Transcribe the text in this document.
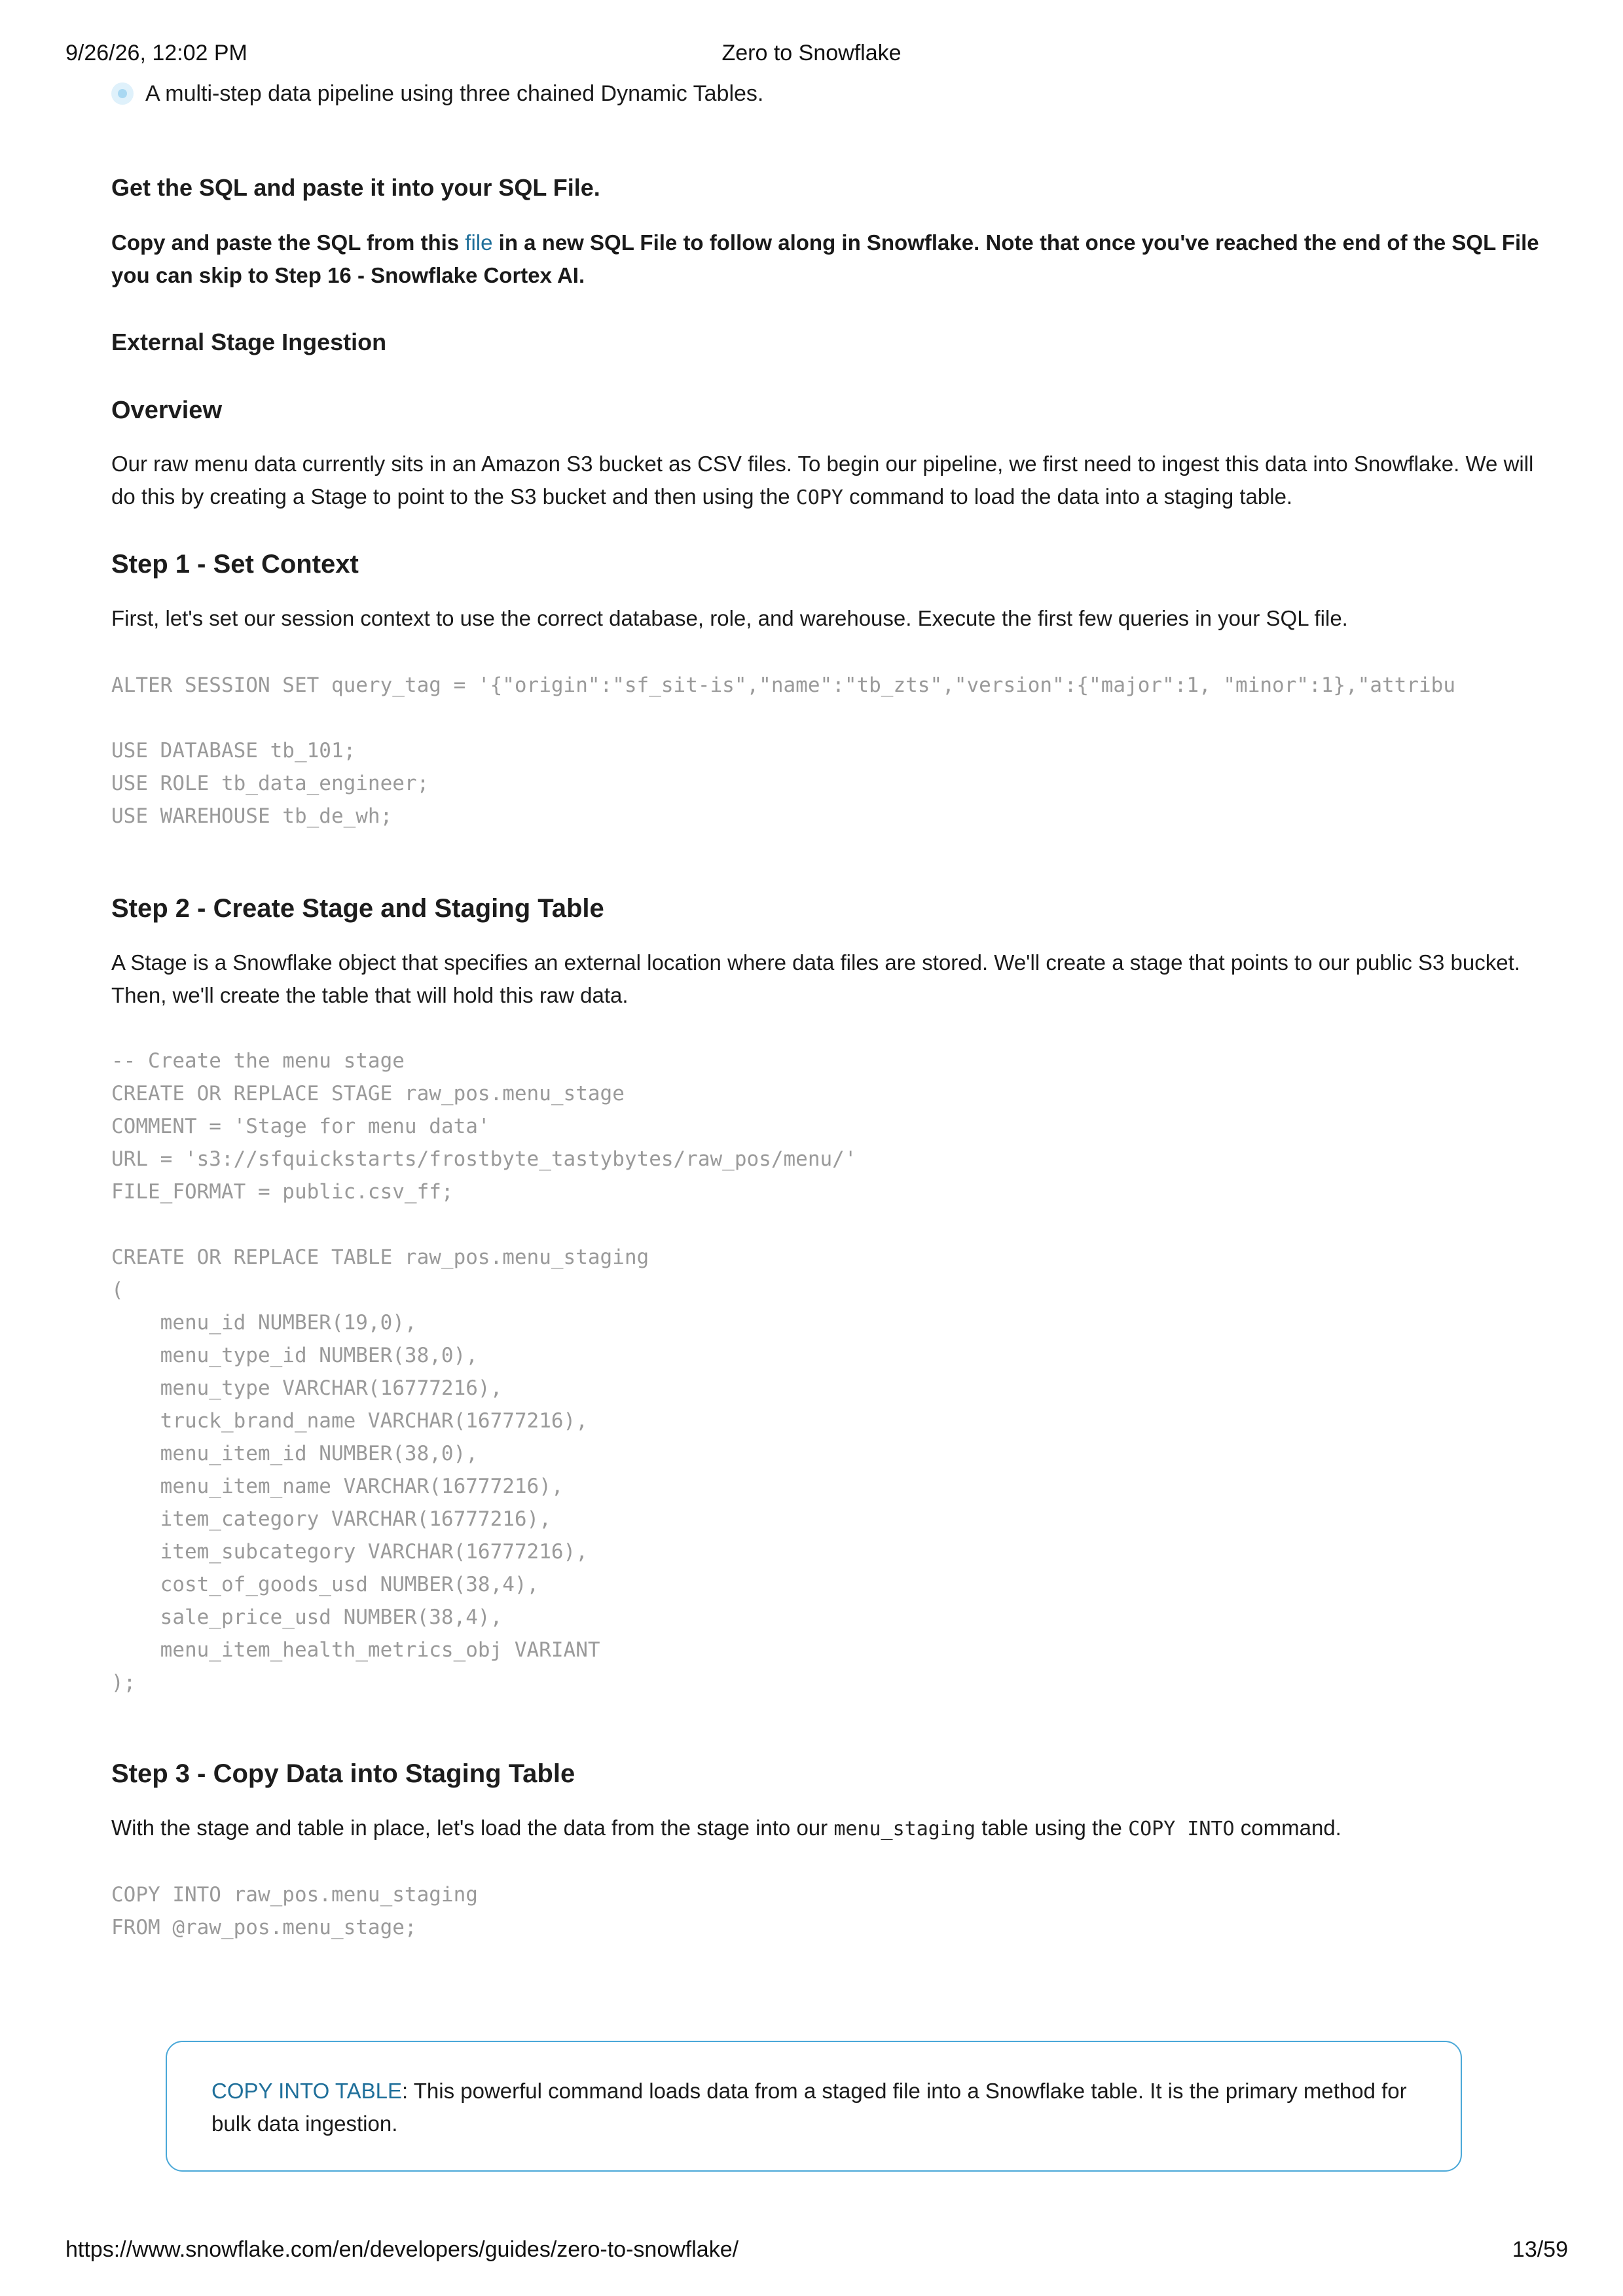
9/26/26, 12:02 PM	Zero to Snowflake
A multi-step data pipeline using three chained Dynamic Tables.
Get the SQL and paste it into your SQL File.

Copy and paste the SQL from this file in a new SQL File to follow along in Snowflake. Note that once you've reached the end of the SQL File you can skip to Step 16 - Snowflake Cortex AI.

External Stage Ingestion
Overview

Our raw menu data currently sits in an Amazon S3 bucket as CSV files. To begin our pipeline, we first need to ingest this data into Snowflake. We will do this by creating a Stage to point to the S3 bucket and then using the COPY command to load the data into a staging table.

Step 1 - Set Context

First, let's set our session context to use the correct database, role, and warehouse. Execute the first few queries in your SQL file.

ALTER SESSION SET query_tag = '{"origin":"sf_sit-is","name":"tb_zts","version":{"major":1, "minor":1},"attribu

USE DATABASE tb_101;
USE ROLE tb_data_engineer;
USE WAREHOUSE tb_de_wh;
Step 2 - Create Stage and Staging Table

A Stage is a Snowflake object that specifies an external location where data files are stored. We'll create a stage that points to our public S3 bucket. Then, we'll create the table that will hold this raw data.

-- Create the menu stage
CREATE OR REPLACE STAGE raw_pos.menu_stage
COMMENT = 'Stage for menu data'
URL = 's3://sfquickstarts/frostbyte_tastybytes/raw_pos/menu/'
FILE_FORMAT = public.csv_ff;

CREATE OR REPLACE TABLE raw_pos.menu_staging
(
menu_id NUMBER(19,0),
menu_type_id NUMBER(38,0),
menu_type VARCHAR(16777216),
truck_brand_name VARCHAR(16777216),
menu_item_id NUMBER(38,0),
menu_item_name VARCHAR(16777216),
item_category VARCHAR(16777216),
item_subcategory VARCHAR(16777216),
cost_of_goods_usd NUMBER(38,4),
sale_price_usd NUMBER(38,4),
menu_item_health_metrics_obj VARIANT
);
Step 3 - Copy Data into Staging Table

With the stage and table in place, let's load the data from the stage into our menu_staging table using the COPY INTO command.

COPY INTO raw_pos.menu_staging
FROM @raw_pos.menu_stage;
COPY INTO TABLE: This powerful command loads data from a staged file into a Snowflake table. It is the primary method for bulk data ingestion.
https://www.snowflake.com/en/developers/guides/zero-to-snowflake/	13/59
